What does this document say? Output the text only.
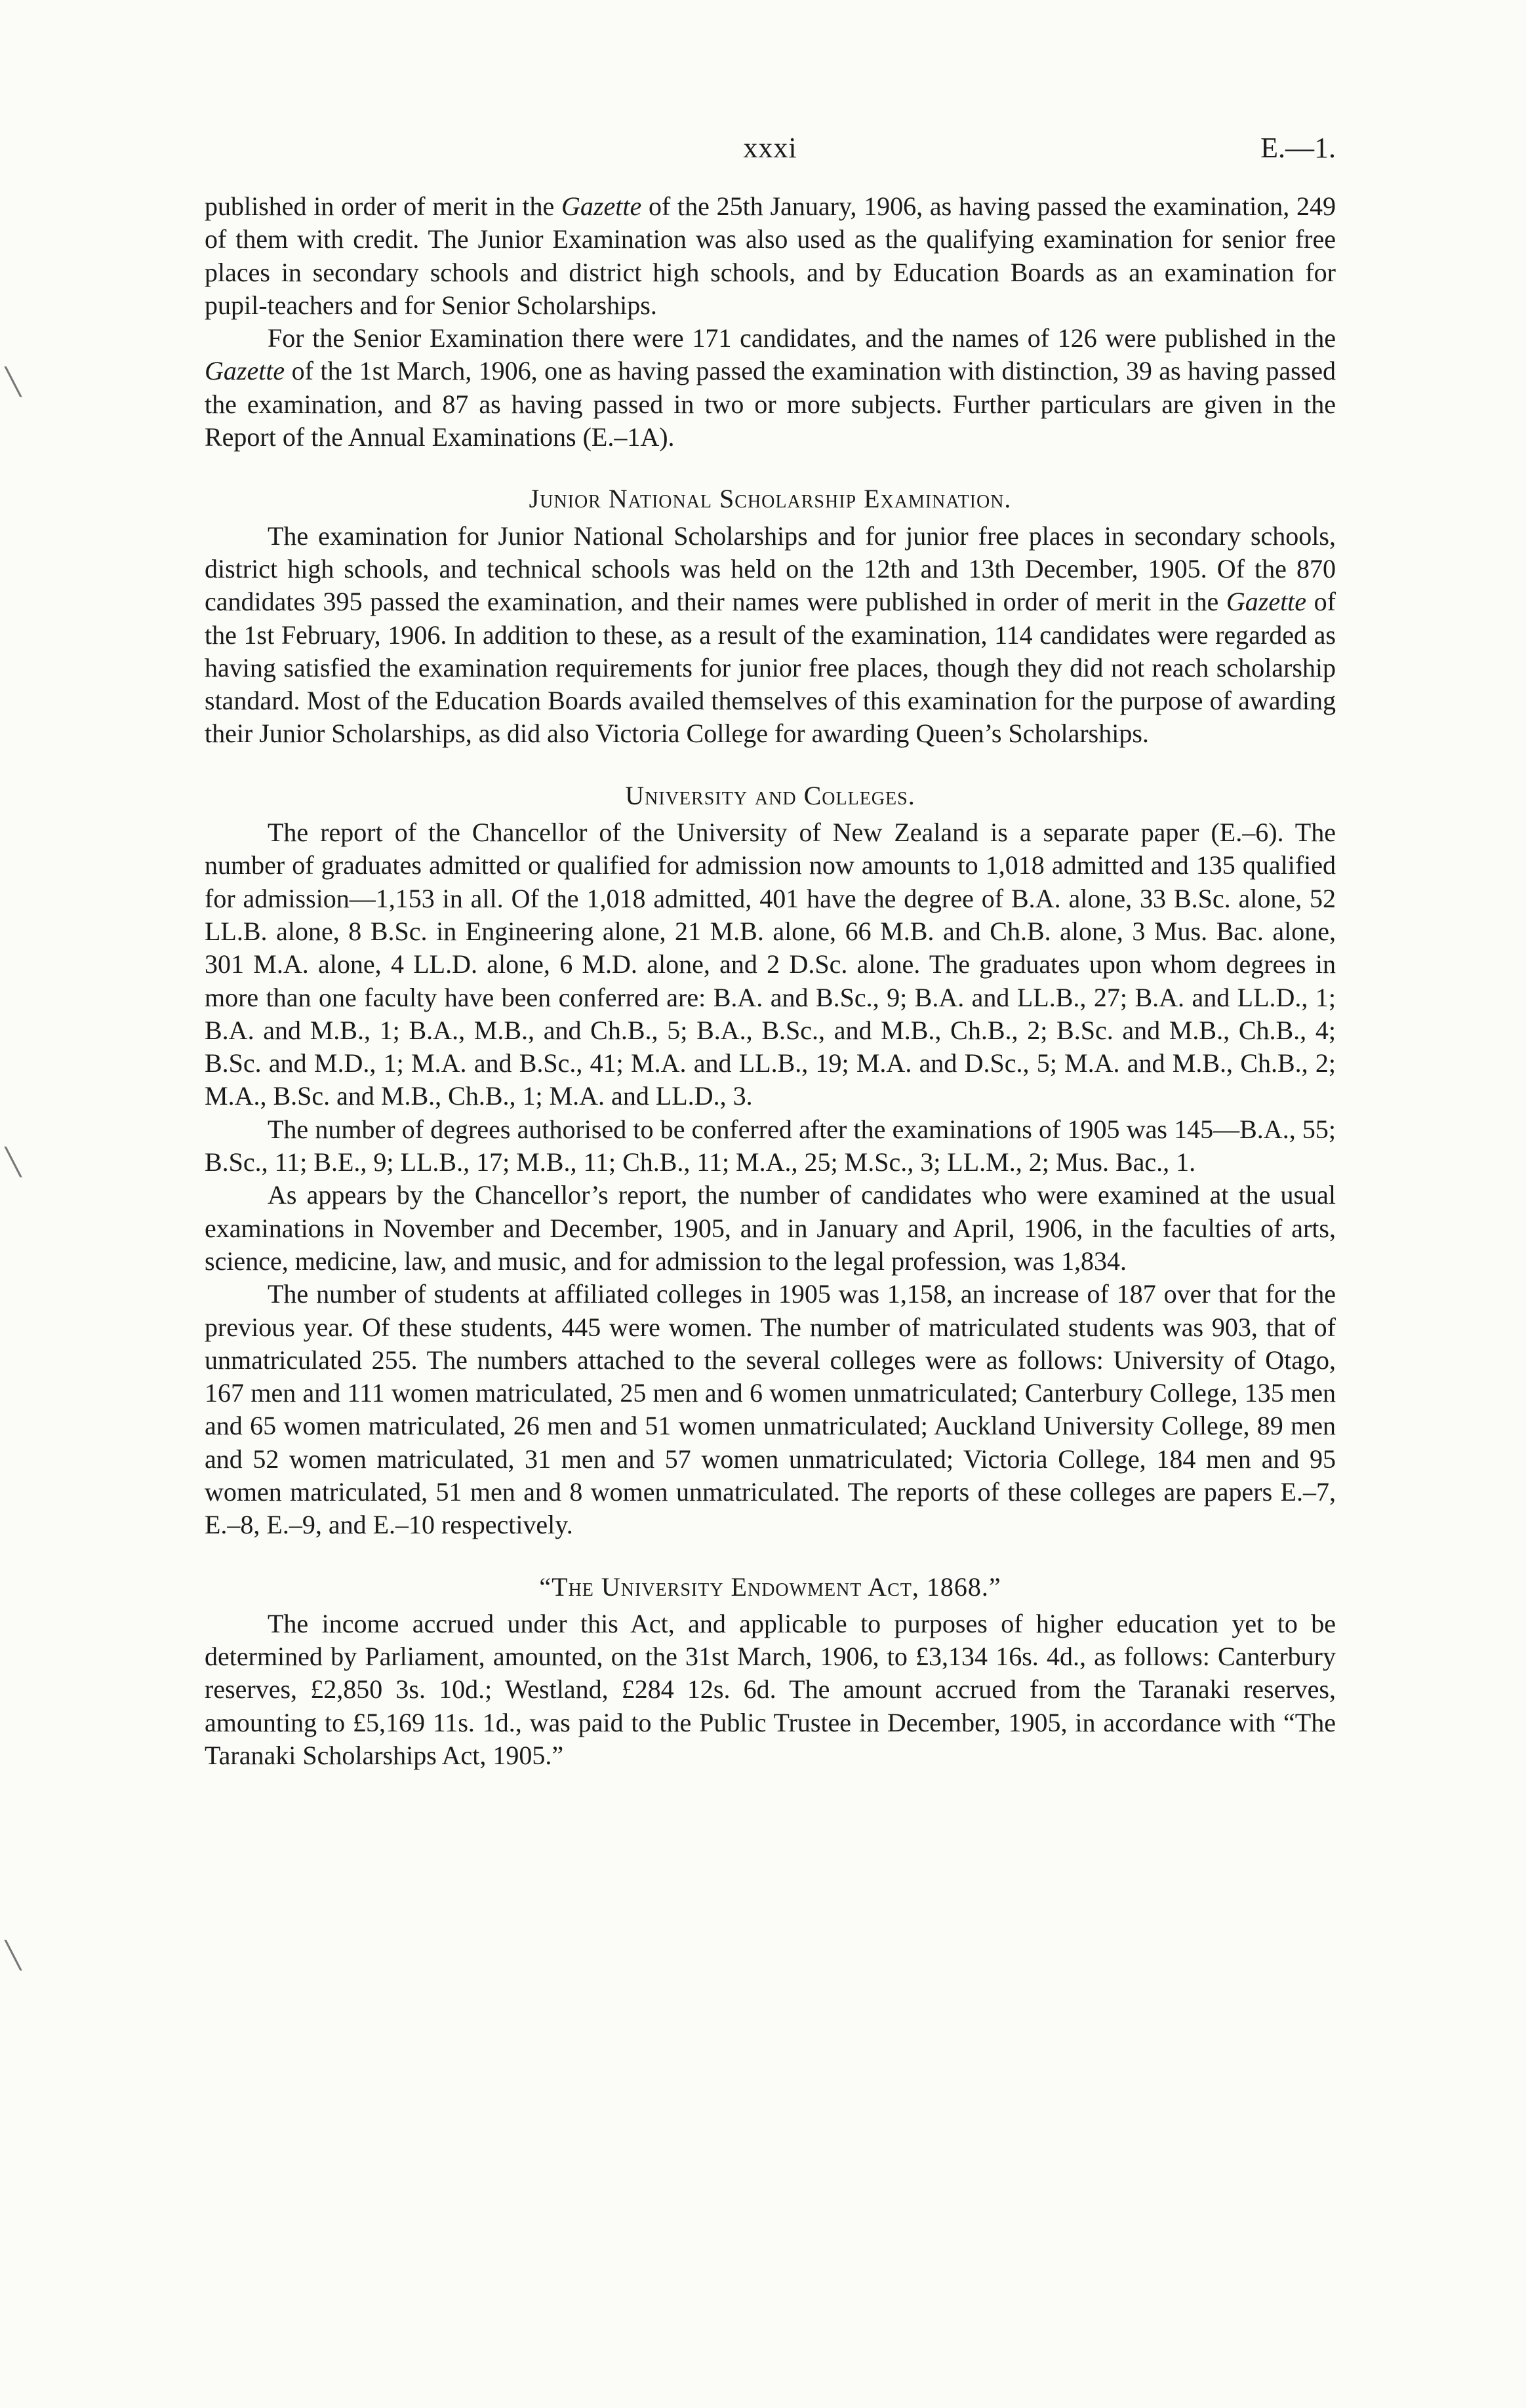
xxxi	E.—1.
╲
╲
╲

published in order of merit in the Gazette of the 25th January, 1906, as having passed the examination, 249 of them with credit. The Junior Examination was also used as the qualifying examination for senior free places in secondary schools and district high schools, and by Education Boards as an examination for pupil-teachers and for Senior Scholarships.

For the Senior Examination there were 171 candidates, and the names of 126 were published in the Gazette of the 1st March, 1906, one as having passed the examination with distinction, 39 as having passed the examination, and 87 as having passed in two or more subjects. Further particulars are given in the Report of the Annual Examinations (E.–1A).

Junior National Scholarship Examination.

The examination for Junior National Scholarships and for junior free places in secondary schools, district high schools, and technical schools was held on the 12th and 13th December, 1905. Of the 870 candidates 395 passed the examination, and their names were published in order of merit in the Gazette of the 1st February, 1906. In addition to these, as a result of the examination, 114 candidates were regarded as having satisfied the examination requirements for junior free places, though they did not reach scholarship standard. Most of the Education Boards availed themselves of this examination for the purpose of awarding their Junior Scholarships, as did also Victoria College for awarding Queen’s Scholarships.

University and Colleges.

The report of the Chancellor of the University of New Zealand is a separate paper (E.–6). The number of graduates admitted or qualified for admission now amounts to 1,018 admitted and 135 qualified for admission—1,153 in all. Of the 1,018 admitted, 401 have the degree of B.A. alone, 33 B.Sc. alone, 52 LL.B. alone, 8 B.Sc. in Engineering alone, 21 M.B. alone, 66 M.B. and Ch.B. alone, 3 Mus. Bac. alone, 301 M.A. alone, 4 LL.D. alone, 6 M.D. alone, and 2 D.Sc. alone. The graduates upon whom degrees in more than one faculty have been conferred are: B.A. and B.Sc., 9; B.A. and LL.B., 27; B.A. and LL.D., 1; B.A. and M.B., 1; B.A., M.B., and Ch.B., 5; B.A., B.Sc., and M.B., Ch.B., 2; B.Sc. and M.B., Ch.B., 4; B.Sc. and M.D., 1; M.A. and B.Sc., 41; M.A. and LL.B., 19; M.A. and D.Sc., 5; M.A. and M.B., Ch.B., 2; M.A., B.Sc. and M.B., Ch.B., 1; M.A. and LL.D., 3.

The number of degrees authorised to be conferred after the examinations of 1905 was 145—B.A., 55; B.Sc., 11; B.E., 9; LL.B., 17; M.B., 11; Ch.B., 11; M.A., 25; M.Sc., 3; LL.M., 2; Mus. Bac., 1.

As appears by the Chancellor’s report, the number of candidates who were examined at the usual examinations in November and December, 1905, and in January and April, 1906, in the faculties of arts, science, medicine, law, and music, and for admission to the legal profession, was 1,834.

The number of students at affiliated colleges in 1905 was 1,158, an increase of 187 over that for the previous year. Of these students, 445 were women. The number of matriculated students was 903, that of unmatriculated 255. The numbers attached to the several colleges were as follows: University of Otago, 167 men and 111 women matriculated, 25 men and 6 women unmatriculated; Canterbury College, 135 men and 65 women matriculated, 26 men and 51 women unmatriculated; Auckland University College, 89 men and 52 women matriculated, 31 men and 57 women unmatriculated; Victoria College, 184 men and 95 women matriculated, 51 men and 8 women unmatriculated. The reports of these colleges are papers E.–7, E.–8, E.–9, and E.–10 respectively.

“The University Endowment Act, 1868.”

The income accrued under this Act, and applicable to purposes of higher education yet to be determined by Parliament, amounted, on the 31st March, 1906, to £3,134 16s. 4d., as follows: Canterbury reserves, £2,850 3s. 10d.; Westland, £284 12s. 6d. The amount accrued from the Taranaki reserves, amounting to £5,169 11s. 1d., was paid to the Public Trustee in December, 1905, in accordance with “The Taranaki Scholarships Act, 1905.”
